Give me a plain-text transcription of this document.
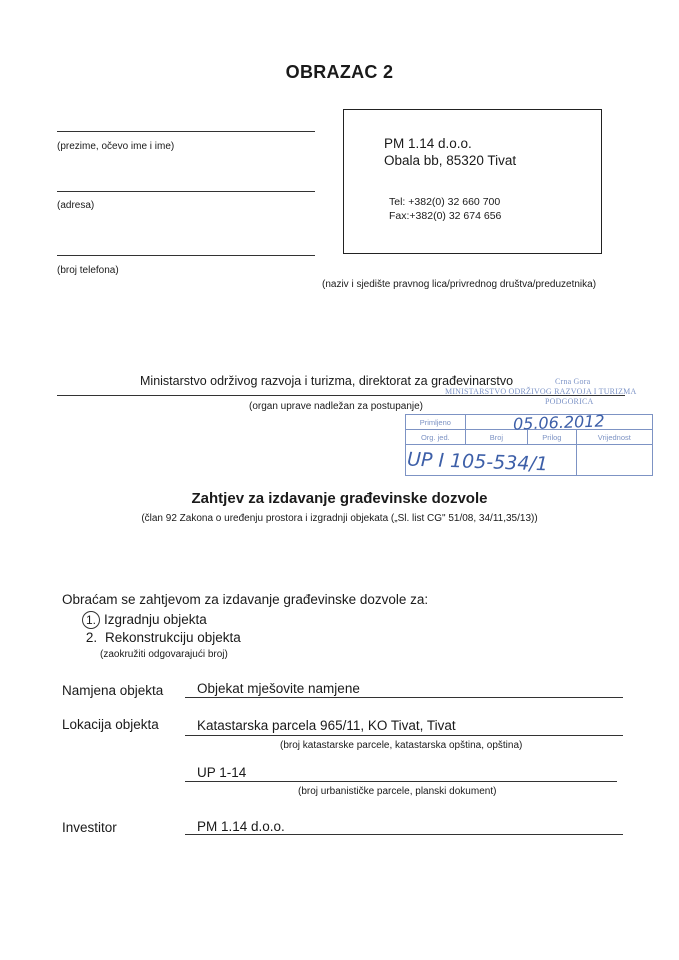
OBRAZAC 2
(prezime, očevo ime i ime)
(adresa)
(broj telefona)
PM 1.14 d.o.o.
Obala bb, 85320 Tivat
Tel: +382(0) 32 660 700
Fax:+382(0) 32 674 656
(naziv i sjedište pravnog lica/privrednog društva/preduzetnika)
Ministarstvo održivog razvoja i turizma, direktorat za građevinarstvo
(organ uprave nadležan za postupanje)
Crna Gora
MINISTARSTVO ODRŽIVOG RAZVOJA I TURIZMA
PODGORICA
Primljeno			
Org. jed.	Broj	Prilog	Vrijednost

05.06.2012
UP I 105-534/1
Zahtjev za izdavanje građevinske dozvole
(član 92 Zakona o uređenju prostora i izgradnji objekata („Sl. list CG" 51/08, 34/11,35/13))
Obraćam se zahtjevom za izdavanje građevinske dozvole za:
1. Izgradnju objekta
2. Rekonstrukciju objekta
(zaokružiti odgovarajući broj)
Namjena objekta Objekat mješovite namjene
Lokacija objekta	Katastarska parcela 965/11, KO Tivat, Tivat
(broj katastarske parcele, katastarska opština, opština)
UP 1-14
(broj urbanističke parcele, planski dokument)
Investitor	PM 1.14 d.o.o.
